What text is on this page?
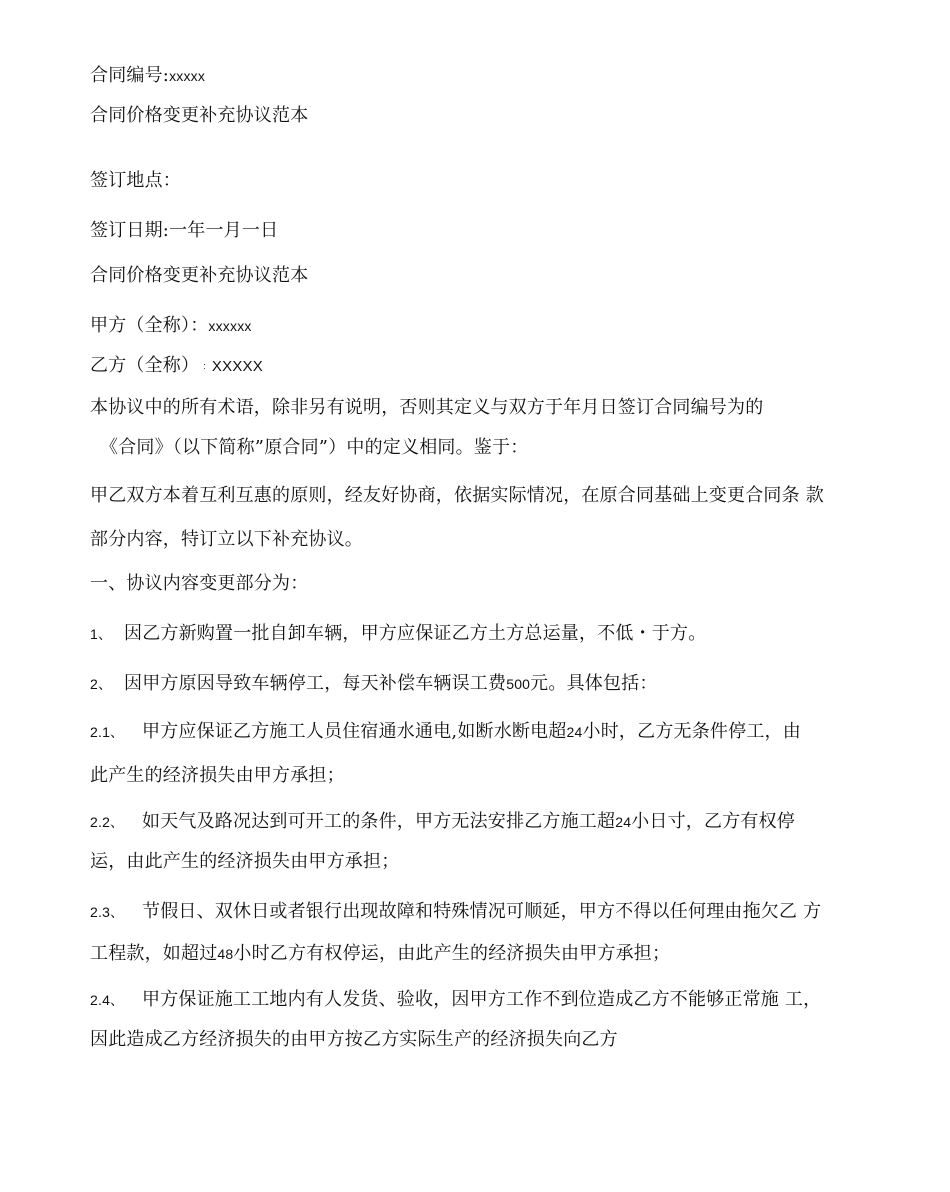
合同编号:xxxxx
合同价格变更补充协议范本
签订地点：
签订日期:一年一月一日
合同价格变更补充协议范本
甲方（全称）：xxxxxx
乙方（全称） : XXXXX
本协议中的所有术语，除非另有说明，否则其定义与双方于年月日签订合同编号为的
《合同》（以下简称”原合同”）中的定义相同。鉴于：
甲乙双方本着互利互惠的原则，经友好协商，依据实际情况，在原合同基础上变更合同条 款
部分内容，特订立以下补充协议。
一、协议内容变更部分为：
1、 因乙方新购置一批自卸车辆，甲方应保证乙方土方总运量，不低・于方。
2、 因甲方原因导致车辆停工，每天补偿车辆误工费500元。具体包括：
2.1、 甲方应保证乙方施工人员住宿通水通电,如断水断电超24小时，乙方无条件停工，由
此产生的经济损失由甲方承担；
2.2、 如天气及路况达到可开工的条件，甲方无法安排乙方施工超24小日寸，乙方有权停
运，由此产生的经济损失由甲方承担；
2.3、 节假日、双休日或者银行出现故障和特殊情况可顺延，甲方不得以任何理由拖欠乙 方
工程款，如超过48小时乙方有权停运，由此产生的经济损失由甲方承担；
2.4、 甲方保证施工工地内有人发货、验收，因甲方工作不到位造成乙方不能够正常施 工，
因此造成乙方经济损失的由甲方按乙方实际生产的经济损失向乙方
